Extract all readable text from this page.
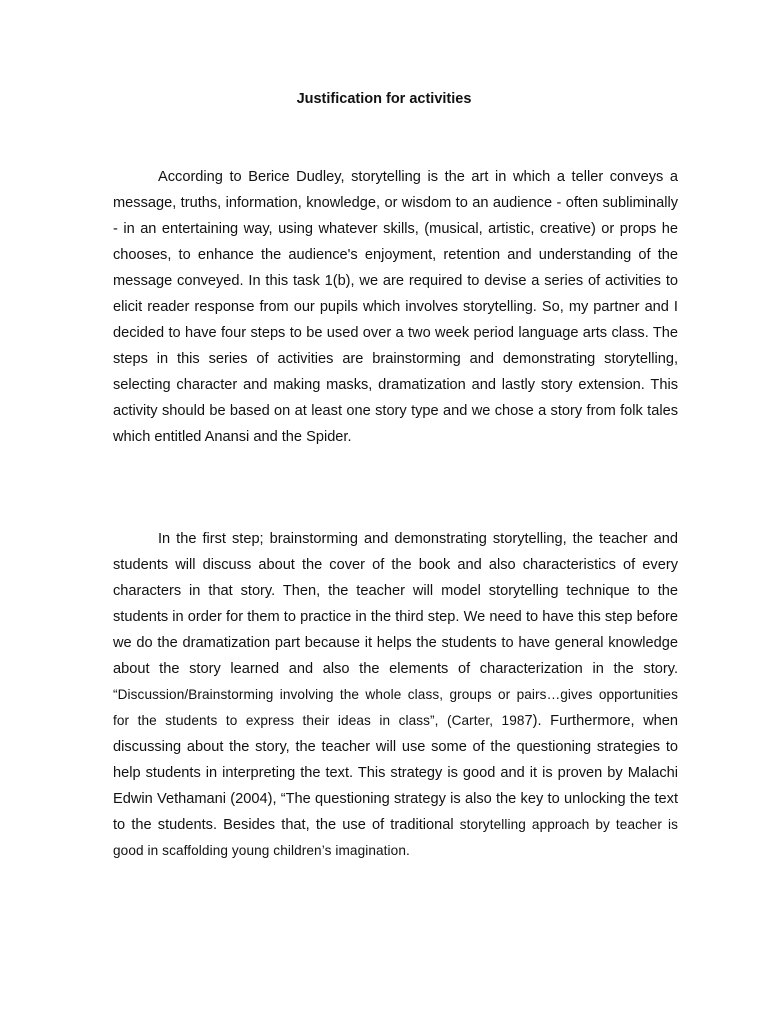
Justification for activities

According to Berice Dudley, storytelling is the art in which a teller conveys a message, truths, information, knowledge, or wisdom to an audience - often subliminally - in an entertaining way, using whatever skills, (musical, artistic, creative) or props he chooses, to enhance the audience's enjoyment, retention and understanding of the message conveyed. In this task 1(b), we are required to devise a series of activities to elicit reader response from our pupils which involves storytelling. So, my partner and I decided to have four steps to be used over a two week period language arts class. The steps in this series of activities are brainstorming and demonstrating storytelling, selecting character and making masks, dramatization and lastly story extension. This activity should be based on at least one story type and we chose a story from folk tales which entitled Anansi and the Spider.

In the first step; brainstorming and demonstrating storytelling, the teacher and students will discuss about the cover of the book and also characteristics of every characters in that story. Then, the teacher will model storytelling technique to the students in order for them to practice in the third step. We need to have this step before we do the dramatization part because it helps the students to have general knowledge about the story learned and also the elements of characterization in the story. “Discussion/Brainstorming involving the whole class, groups or pairs…gives opportunities for the students to express their ideas in class”, (Carter, 1987). Furthermore, when discussing about the story, the teacher will use some of the questioning strategies to help students in interpreting the text. This strategy is good and it is proven by Malachi Edwin Vethamani (2004), “The questioning strategy is also the key to unlocking the text to the students. Besides that, the use of traditional storytelling approach by teacher is good in scaffolding young children’s imagination.
